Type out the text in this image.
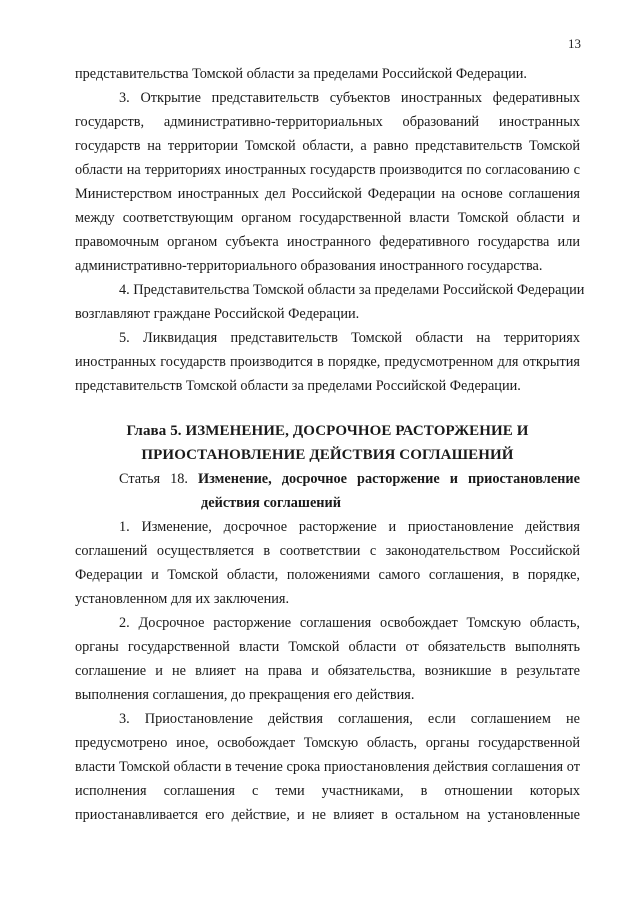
13
представительства Томской области за пределами Российской Федерации.
3. Открытие представительств субъектов иностранных федеративных
государств, административно-территориальных образований иностранных
государств на территории Томской области, а равно представительств Томской
области на территориях иностранных государств производится по согласованию с
Министерством иностранных дел Российской Федерации на основе соглашения
между соответствующим органом государственной власти Томской области и
правомочным органом субъекта иностранного федеративного государства или
административно-территориального образования иностранного государства.
4. Представительства Томской области за пределами Российской Федерации
возглавляют граждане Российской Федерации.
5. Ликвидация представительств Томской области на территориях
иностранных государств производится в порядке, предусмотренном для открытия
представительств Томской области за пределами Российской Федерации.
Глава 5. ИЗМЕНЕНИЕ, ДОСРОЧНОЕ РАСТОРЖЕНИЕ И
ПРИОСТАНОВЛЕНИЕ ДЕЙСТВИЯ СОГЛАШЕНИЙ
Статья 18. Изменение, досрочное расторжение и приостановление
действия соглашений
1. Изменение, досрочное расторжение и приостановление действия
соглашений осуществляется в соответствии с законодательством Российской
Федерации и Томской области, положениями самого соглашения, в порядке,
установленном для их заключения.
2. Досрочное расторжение соглашения освобождает Томскую область,
органы государственной власти Томской области от обязательств выполнять
соглашение и не влияет на права и обязательства, возникшие в результате
выполнения соглашения, до прекращения его действия.
3. Приостановление действия соглашения, если соглашением не
предусмотрено иное, освобождает Томскую область, органы государственной
власти Томской области в течение срока приостановления действия соглашения от
исполнения соглашения с теми участниками, в отношении которых
приостанавливается его действие, и не влияет в остальном на установленные
